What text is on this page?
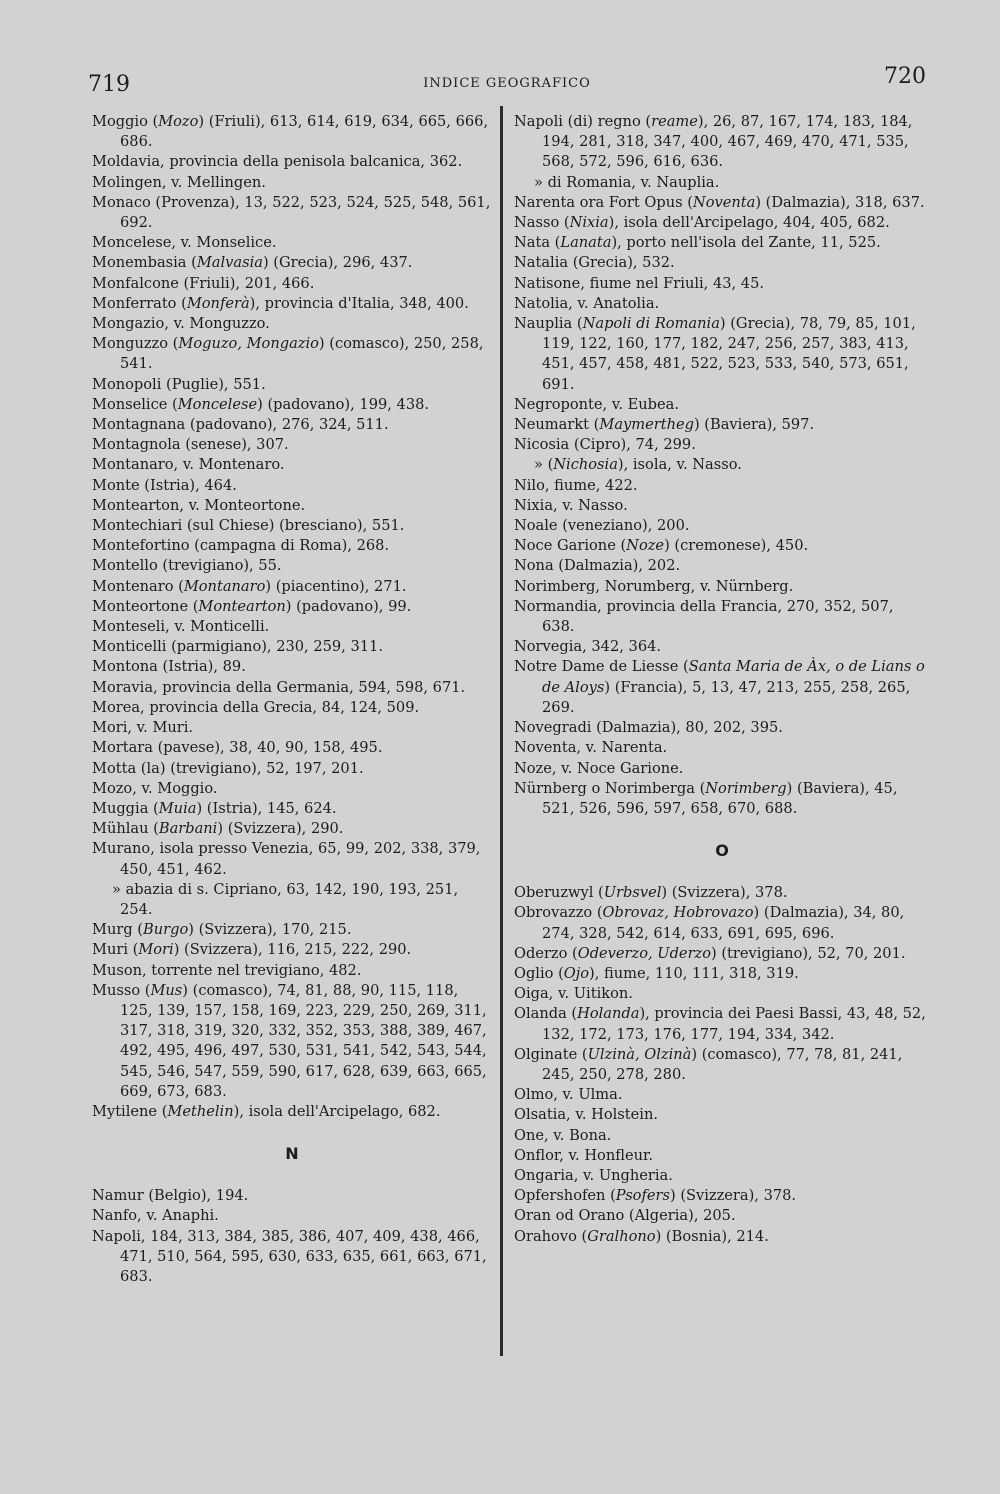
719	INDICE GEOGRAFICO	720

Moggio (Mozo) (Friuli), 613, 614, 619, 634, 665, 666, 686.

Moldavia, provincia della penisola balcanica, 362.

Molingen, v. Mellingen.

Monaco (Provenza), 13, 522, 523, 524, 525, 548, 561, 692.

Moncelese, v. Monselice.

Monembasia (Malvasia) (Grecia), 296, 437.

Monfalcone (Friuli), 201, 466.

Monferrato (Monferà), provincia d'Italia, 348, 400.

Mongazio, v. Monguzzo.

Monguzzo (Moguzo, Mongazio) (comasco), 250, 258, 541.

Monopoli (Puglie), 551.

Monselice (Moncelese) (padovano), 199, 438.

Montagnana (padovano), 276, 324, 511.

Montagnola (senese), 307.

Montanaro, v. Montenaro.

Monte (Istria), 464.

Montearton, v. Monteortone.

Montechiari (sul Chiese) (bresciano), 551.

Montefortino (campagna di Roma), 268.

Montello (trevigiano), 55.

Montenaro (Montanaro) (piacentino), 271.

Monteortone (Montearton) (padovano), 99.

Monteseli, v. Monticelli.

Monticelli (parmigiano), 230, 259, 311.

Montona (Istria), 89.

Moravia, provincia della Germania, 594, 598, 671.

Morea, provincia della Grecia, 84, 124, 509.

Mori, v. Muri.

Mortara (pavese), 38, 40, 90, 158, 495.

Motta (la) (trevigiano), 52, 197, 201.

Mozo, v. Moggio.

Muggia (Muia) (Istria), 145, 624.

Mühlau (Barbani) (Svizzera), 290.

Murano, isola presso Venezia, 65, 99, 202, 338, 379, 450, 451, 462.

» abazia di s. Cipriano, 63, 142, 190, 193, 251, 254.

Murg (Burgo) (Svizzera), 170, 215.

Muri (Mori) (Svizzera), 116, 215, 222, 290.

Muson, torrente nel trevigiano, 482.

Musso (Mus) (comasco), 74, 81, 88, 90, 115, 118, 125, 139, 157, 158, 169, 223, 229, 250, 269, 311, 317, 318, 319, 320, 332, 352, 353, 388, 389, 467, 492, 495, 496, 497, 530, 531, 541, 542, 543, 544, 545, 546, 547, 559, 590, 617, 628, 639, 663, 665, 669, 673, 683.

Mytilene (Methelin), isola dell'Arcipelago, 682.

N

Namur (Belgio), 194.

Nanfo, v. Anaphi.

Napoli, 184, 313, 384, 385, 386, 407, 409, 438, 466, 471, 510, 564, 595, 630, 633, 635, 661, 663, 671, 683.

Napoli (di) regno (reame), 26, 87, 167, 174, 183, 184, 194, 281, 318, 347, 400, 467, 469, 470, 471, 535, 568, 572, 596, 616, 636.

» di Romania, v. Nauplia.

Narenta ora Fort Opus (Noventa) (Dalmazia), 318, 637.

Nasso (Nixia), isola dell'Arcipelago, 404, 405, 682.

Nata (Lanata), porto nell'isola del Zante, 11, 525.

Natalia (Grecia), 532.

Natisone, fiume nel Friuli, 43, 45.

Natolia, v. Anatolia.

Nauplia (Napoli di Romania) (Grecia), 78, 79, 85, 101, 119, 122, 160, 177, 182, 247, 256, 257, 383, 413, 451, 457, 458, 481, 522, 523, 533, 540, 573, 651, 691.

Negroponte, v. Eubea.

Neumarkt (Maymertheg) (Baviera), 597.

Nicosia (Cipro), 74, 299.

» (Nichosia), isola, v. Nasso.

Nilo, fiume, 422.

Nixia, v. Nasso.

Noale (veneziano), 200.

Noce Garione (Noze) (cremonese), 450.

Nona (Dalmazia), 202.

Norimberg, Norumberg, v. Nürnberg.

Normandia, provincia della Francia, 270, 352, 507, 638.

Norvegia, 342, 364.

Notre Dame de Liesse (Santa Maria de Àx, o de Lians o de Aloys) (Francia), 5, 13, 47, 213, 255, 258, 265, 269.

Novegradi (Dalmazia), 80, 202, 395.

Noventa, v. Narenta.

Noze, v. Noce Garione.

Nürnberg o Norimberga (Norimberg) (Baviera), 45, 521, 526, 596, 597, 658, 670, 688.

O

Oberuzwyl (Urbsvel) (Svizzera), 378.

Obrovazzo (Obrovaz, Hobrovazo) (Dalmazia), 34, 80, 274, 328, 542, 614, 633, 691, 695, 696.

Oderzo (Odeverzo, Uderzo) (trevigiano), 52, 70, 201.

Oglio (Ojo), fiume, 110, 111, 318, 319.

Oiga, v. Uitikon.

Olanda (Holanda), provincia dei Paesi Bassi, 43, 48, 52, 132, 172, 173, 176, 177, 194, 334, 342.

Olginate (Ulzinà, Olzinà) (comasco), 77, 78, 81, 241, 245, 250, 278, 280.

Olmo, v. Ulma.

Olsatia, v. Holstein.

One, v. Bona.

Onflor, v. Honfleur.

Ongaria, v. Ungheria.

Opfershofen (Psofers) (Svizzera), 378.

Oran od Orano (Algeria), 205.

Orahovo (Gralhono) (Bosnia), 214.
